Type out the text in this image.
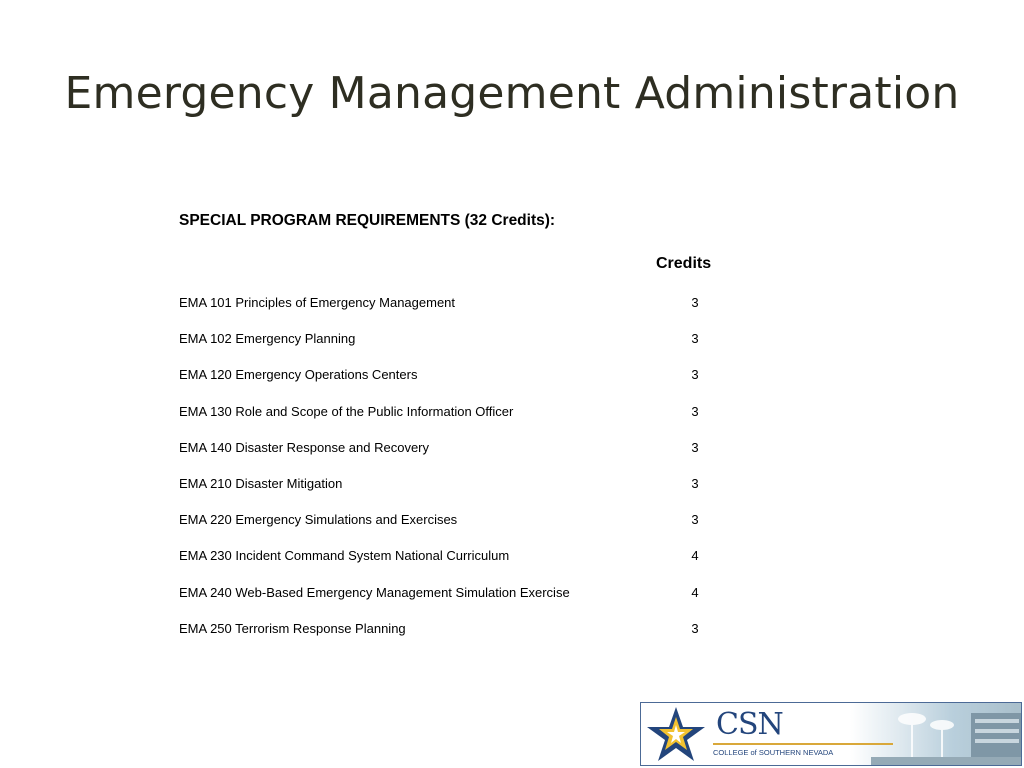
Emergency Management Administration
SPECIAL PROGRAM REQUIREMENTS (32 Credits):
Credits
EMA 101 Principles of Emergency Management	3
EMA 102 Emergency Planning	3
EMA 120 Emergency Operations Centers	3
EMA 130 Role and Scope of the Public Information Officer	3
EMA 140 Disaster Response and Recovery	3
EMA 210 Disaster Mitigation	3
EMA 220 Emergency Simulations and Exercises	3
EMA 230 Incident Command System National Curriculum	4
EMA 240 Web-Based Emergency Management Simulation Exercise	4
EMA 250 Terrorism Response Planning	3
CSN
COLLEGE of SOUTHERN NEVADA
